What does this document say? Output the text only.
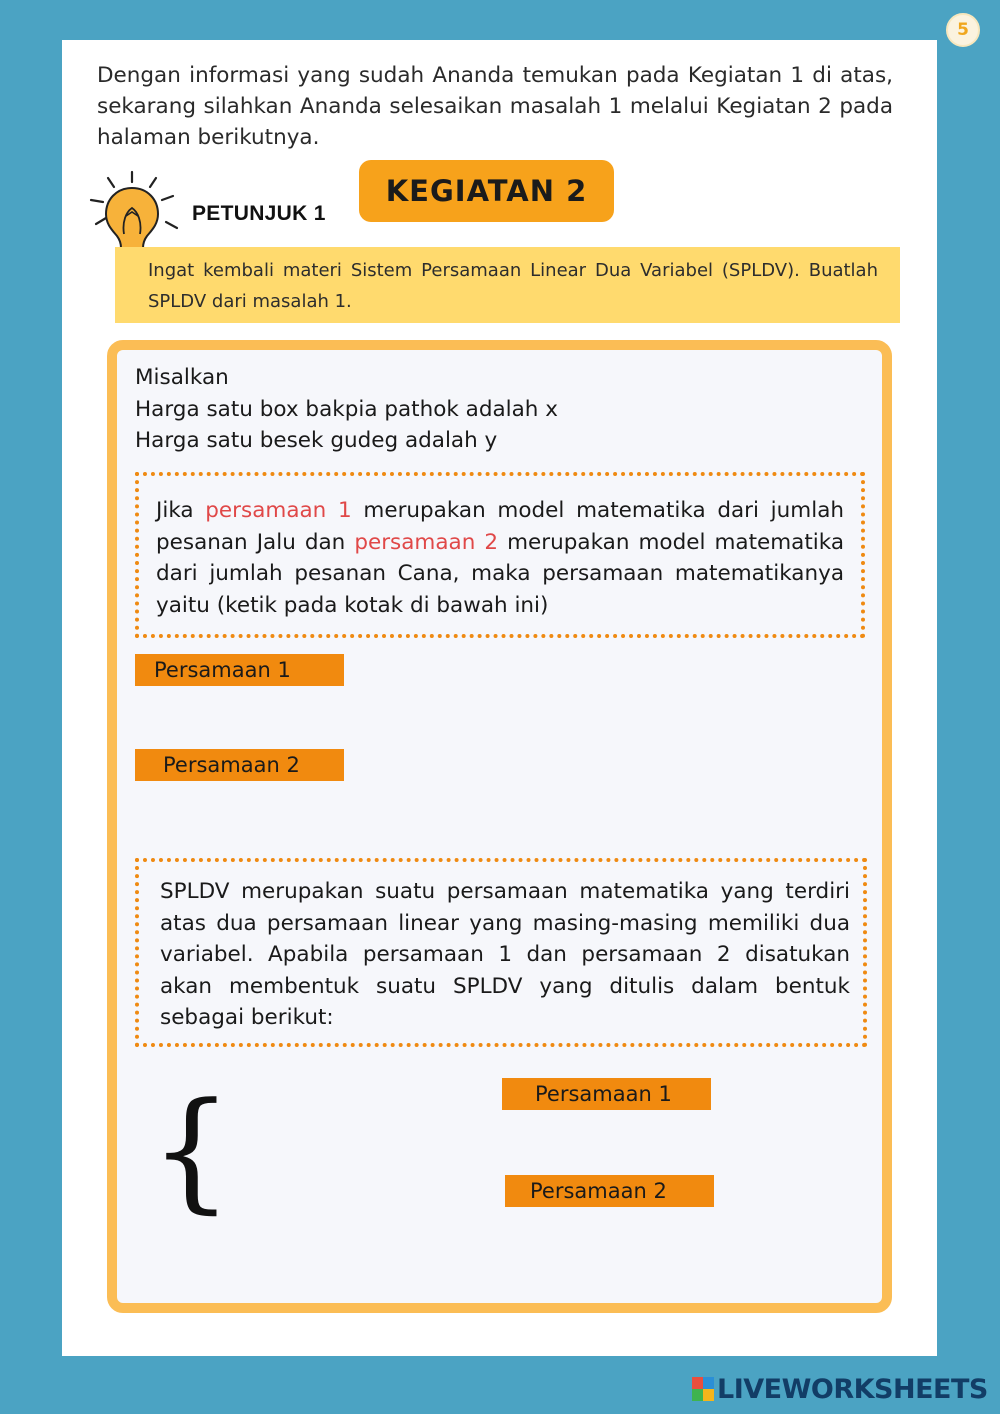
5

Dengan informasi yang sudah Ananda temukan pada Kegiatan 1 di atas, sekarang silahkan Ananda selesaikan masalah 1 melalui Kegiatan 2 pada halaman berikutnya.

PETUNJUK 1
KEGIATAN 2
Ingat kembali materi Sistem Persamaan Linear Dua Variabel (SPLDV). Buatlah SPLDV dari masalah 1.
Misalkan
Harga satu box bakpia pathok adalah x
Harga satu besek gudeg adalah y
Jika persamaan 1 merupakan model matematika dari jumlah pesanan Jalu dan persamaan 2 merupakan model matematika dari jumlah pesanan Cana, maka persamaan matematikanya yaitu (ketik pada kotak di bawah ini)
Persamaan 1
Persamaan 2
SPLDV merupakan suatu persamaan matematika yang terdiri atas dua persamaan linear yang masing-masing memiliki dua variabel. Apabila persamaan 1 dan persamaan 2 disatukan akan membentuk suatu SPLDV yang ditulis dalam bentuk sebagai berikut:
{	Persamaan 1
Persamaan 2
LIVEWORKSHEETS
